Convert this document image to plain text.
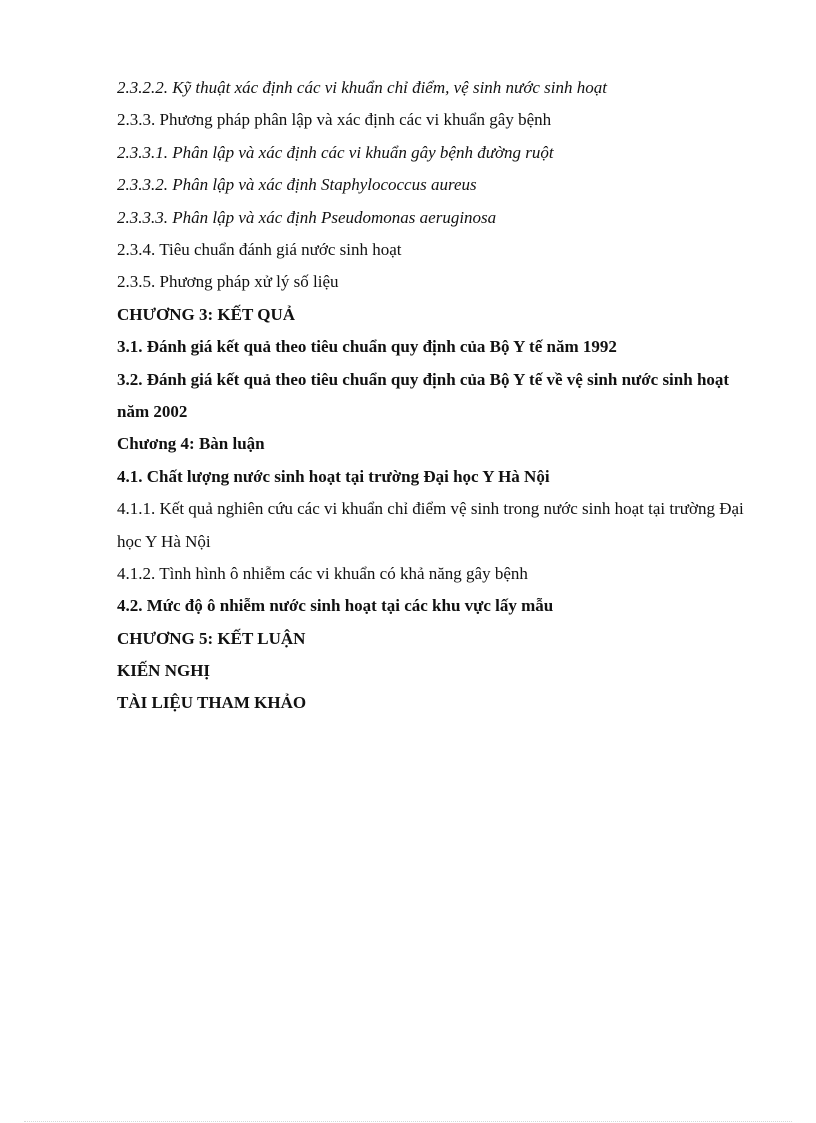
2.3.2.2. Kỹ thuật xác định các vi khuẩn chỉ điểm, vệ sinh nước sinh hoạt
2.3.3. Phương pháp phân lập và xác định các vi khuẩn gây bệnh
2.3.3.1. Phân lập và xác định các vi khuẩn gây bệnh đường ruột
2.3.3.2. Phân lập và xác định Staphylococcus aureus
2.3.3.3. Phân lập và xác định Pseudomonas aeruginosa
2.3.4. Tiêu chuẩn đánh giá nước sinh hoạt
2.3.5. Phương pháp xử lý số liệu
CHƯƠNG 3: KẾT QUẢ
3.1. Đánh giá kết quả theo tiêu chuẩn quy định của Bộ Y tế năm 1992
3.2. Đánh giá kết quả theo tiêu chuẩn quy định của Bộ Y tế về vệ sinh nước sinh hoạt năm 2002
Chương 4: Bàn luận
4.1. Chất lượng nước sinh hoạt tại trường Đại học Y Hà Nội
4.1.1. Kết quả nghiên cứu các vi khuẩn chỉ điểm vệ sinh trong nước sinh hoạt tại trường Đại học Y Hà Nội
4.1.2. Tình hình ô nhiễm các vi khuẩn có khả năng gây bệnh
4.2. Mức độ ô nhiễm nước sinh hoạt tại các khu vực lấy mẫu
CHƯƠNG 5: KẾT LUẬN
KIẾN NGHỊ
TÀI LIỆU THAM KHẢO
